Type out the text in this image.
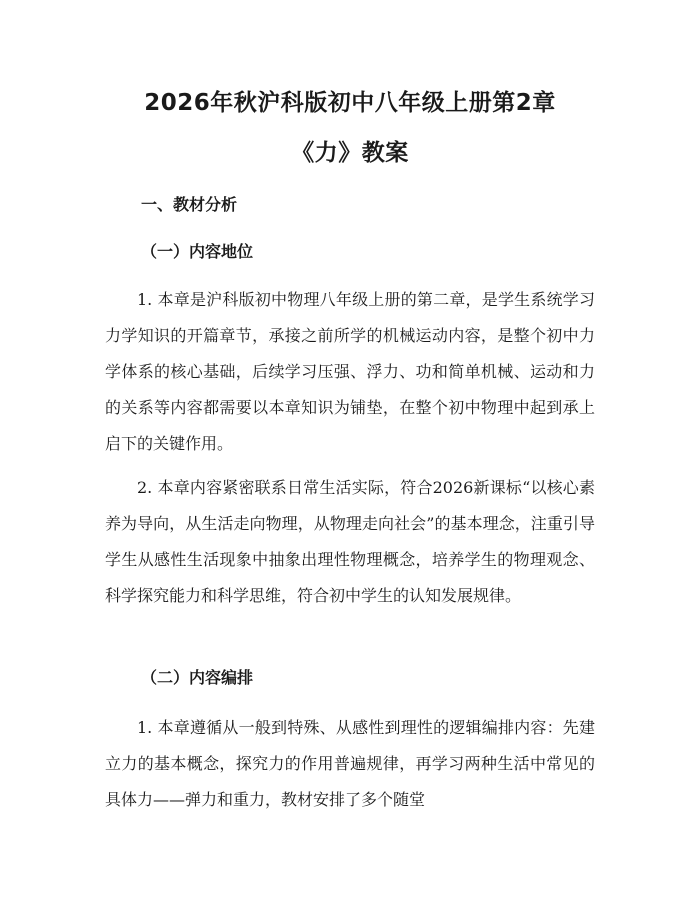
2026年秋沪科版初中八年级上册第2章
《力》教案
一、教材分析
（一）内容地位

1. 本章是沪科版初中物理八年级上册的第二章，是学生系统学习力学知识的开篇章节，承接之前所学的机械运动内容，是整个初中力学体系的核心基础，后续学习压强、浮力、功和简单机械、运动和力的关系等内容都需要以本章知识为铺垫，在整个初中物理中起到承上启下的关键作用。

2. 本章内容紧密联系日常生活实际，符合2026新课标“以核心素养为导向，从生活走向物理，从物理走向社会”的基本理念，注重引导学生从感性生活现象中抽象出理性物理概念，培养学生的物理观念、科学探究能力和科学思维，符合初中学生的认知发展规律。

（二）内容编排

1. 本章遵循从一般到特殊、从感性到理性的逻辑编排内容：先建立力的基本概念，探究力的作用普遍规律，再学习两种生活中常见的具体力——弹力和重力，教材安排了多个随堂
